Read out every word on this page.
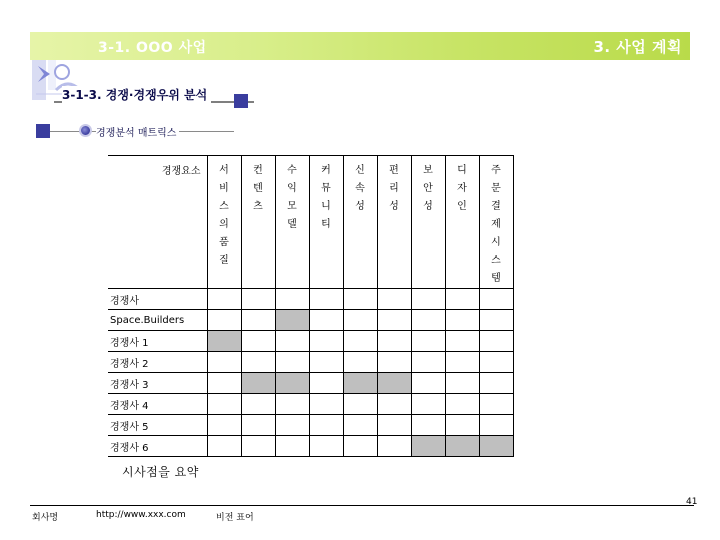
3-1. OOO 사업	3. 사업 계획
3-1-3. 경쟁·경쟁우위 분석
경쟁분석 매트릭스
경쟁요소	서비스의 품질	컨텐츠	수익모델	커뮤니티	신속성	편리성	보안성	디자인	주문결제시스템
경쟁사									
Space.Builders									
경쟁사 1									
경쟁사 2									
경쟁사 3									
경쟁사 4									
경쟁사 5									
경쟁사 6									
시사점을 요약
41
회사명	http://www.xxx.com	비전 표어
